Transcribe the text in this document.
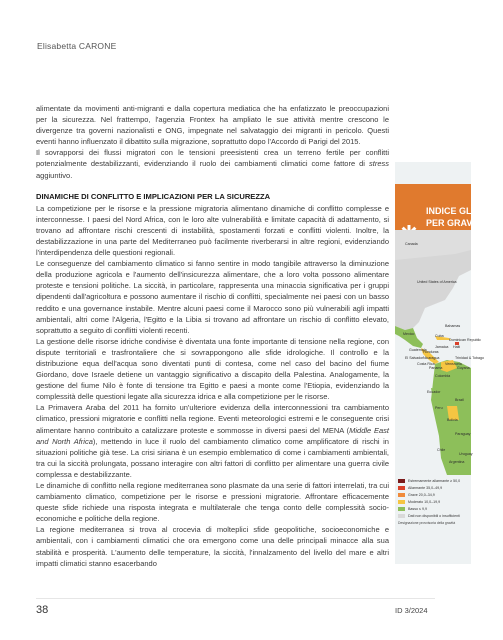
Elisabetta CARONE

alimentate da movimenti anti-migranti e dalla copertura mediatica che ha enfatizzato le preoccupazioni per la sicurezza. Nel frattempo, l'agenzia Frontex ha ampliato le sue attività mentre crescono le divergenze tra governi nazionalisti e ONG, impegnate nel salvataggio dei migranti in pericolo. Questi eventi hanno influenzato il dibattito sulla migrazione, soprattutto dopo l'Accordo di Parigi del 2015.

Il sovrapporsi dei flussi migratori con le tensioni preesistenti crea un terreno fertile per conflitti potenzialmente destabilizzanti, evidenziando il ruolo dei cambiamenti climatici come fattore di stress aggiuntivo.

DINAMICHE DI CONFLITTO E IMPLICAZIONI PER LA SICUREZZA

La competizione per le risorse e la pressione migratoria alimentano dinamiche di conflitto complesse e interconnesse. I paesi del Nord Africa, con le loro alte vulnerabilità e limitate capacità di adattamento, si trovano ad affrontare rischi crescenti di instabilità, spostamenti forzati e conflitti violenti. Inoltre, la destabilizzazione in una parte del Mediterraneo può facilmente riverberarsi in altre regioni, evidenziando l'interdipendenza delle questioni regionali.

Le conseguenze del cambiamento climatico si fanno sentire in modo tangibile attraverso la diminuzione della produzione agricola e l'aumento dell'insicurezza alimentare, che a loro volta possono alimentare proteste e tensioni politiche. La siccità, in particolare, rappresenta una minaccia significativa per i gruppi dipendenti dall'agricoltura e possono aumentare il rischio di conflitti, specialmente nei paesi con un basso reddito e una governance instabile. Mentre alcuni paesi come il Marocco sono più vulnerabili agli impatti ambientali, altri come l'Algeria, l'Egitto e la Libia si trovano ad affrontare un rischio di conflitto elevato, soprattutto a seguito di conflitti violenti recenti.

La gestione delle risorse idriche condivise è diventata una fonte importante di tensione nella regione, con dispute territoriali e trasfrontaliere che si sovrappongono alle sfide idrologiche. Il controllo e la distribuzione equa dell'acqua sono diventati punti di contesa, come nel caso del bacino del fiume Giordano, dove Israele detiene un vantaggio significativo a discapito della Palestina. Analogamente, la gestione del fiume Nilo è fonte di tensione tra Egitto e paesi a monte come l'Etiopia, evidenziando la complessità delle questioni legate alla sicurezza idrica e alla competizione per le risorse.

La Primavera Araba del 2011 ha fornito un'ulteriore evidenza della interconnessioni tra cambiamento climatico, pressioni migratorie e conflitti nella regione. Eventi meteorologici estremi e le conseguente crisi alimentare hanno contribuito a catalizzare proteste e sommosse in diversi paesi del MENA (Middle East and North Africa), mettendo in luce il ruolo del cambiamento climatico come amplificatore di rischi in situazioni politiche già tese. La crisi siriana è un esempio emblematico di come i cambiamenti ambientali, tra cui la siccità prolungata, possano interagire con altri fattori di conflitto per alimentare una guerra civile complessa e destabilizzante.

Le dinamiche di conflitto nella regione mediterranea sono plasmate da una serie di fattori interrelati, tra cui cambiamento climatico, competizione per le risorse e pressioni migratorie. Affrontare efficacemente queste sfide richiede una risposta integrata e multilaterale che tenga conto delle complessità socio-economiche e politiche della regione.

La regione mediterranea si trova al crocevia di molteplici sfide geopolitiche, socioeconomiche e ambientali, con i cambiamenti climatici che ora emergono come una delle principali minacce alla sua stabilità e prosperità. L'aumento delle temperature, la siccità, l'innalzamento del livello del mare e altri impatti climatici stanno esacerbando

INDICE GLOBALE
PER GRAVITÀ
Canada
United States of America
Mexico
Bahamas
Dominican Republic
Cuba
Haiti
Jamaica
Guatemala
Honduras
El Salvador Nicaragua
Costa Rica
Panama
Venezuela
Colombia
Trinidad & Tobago
Guyana
Ecuador
Peru
Brazil
Bolivia
Paraguay
Chile
Argentina
Uruguay
Estremamente allarmante ≥ 50,0
Allarmante 35,0–49,9
Grave 20,0–34,9
Moderato 10,0–19,9
Basso ≤ 9,9
Dati non disponibili o insufficienti
Designazione provvisoria della gravità
38	ID 3/2024
